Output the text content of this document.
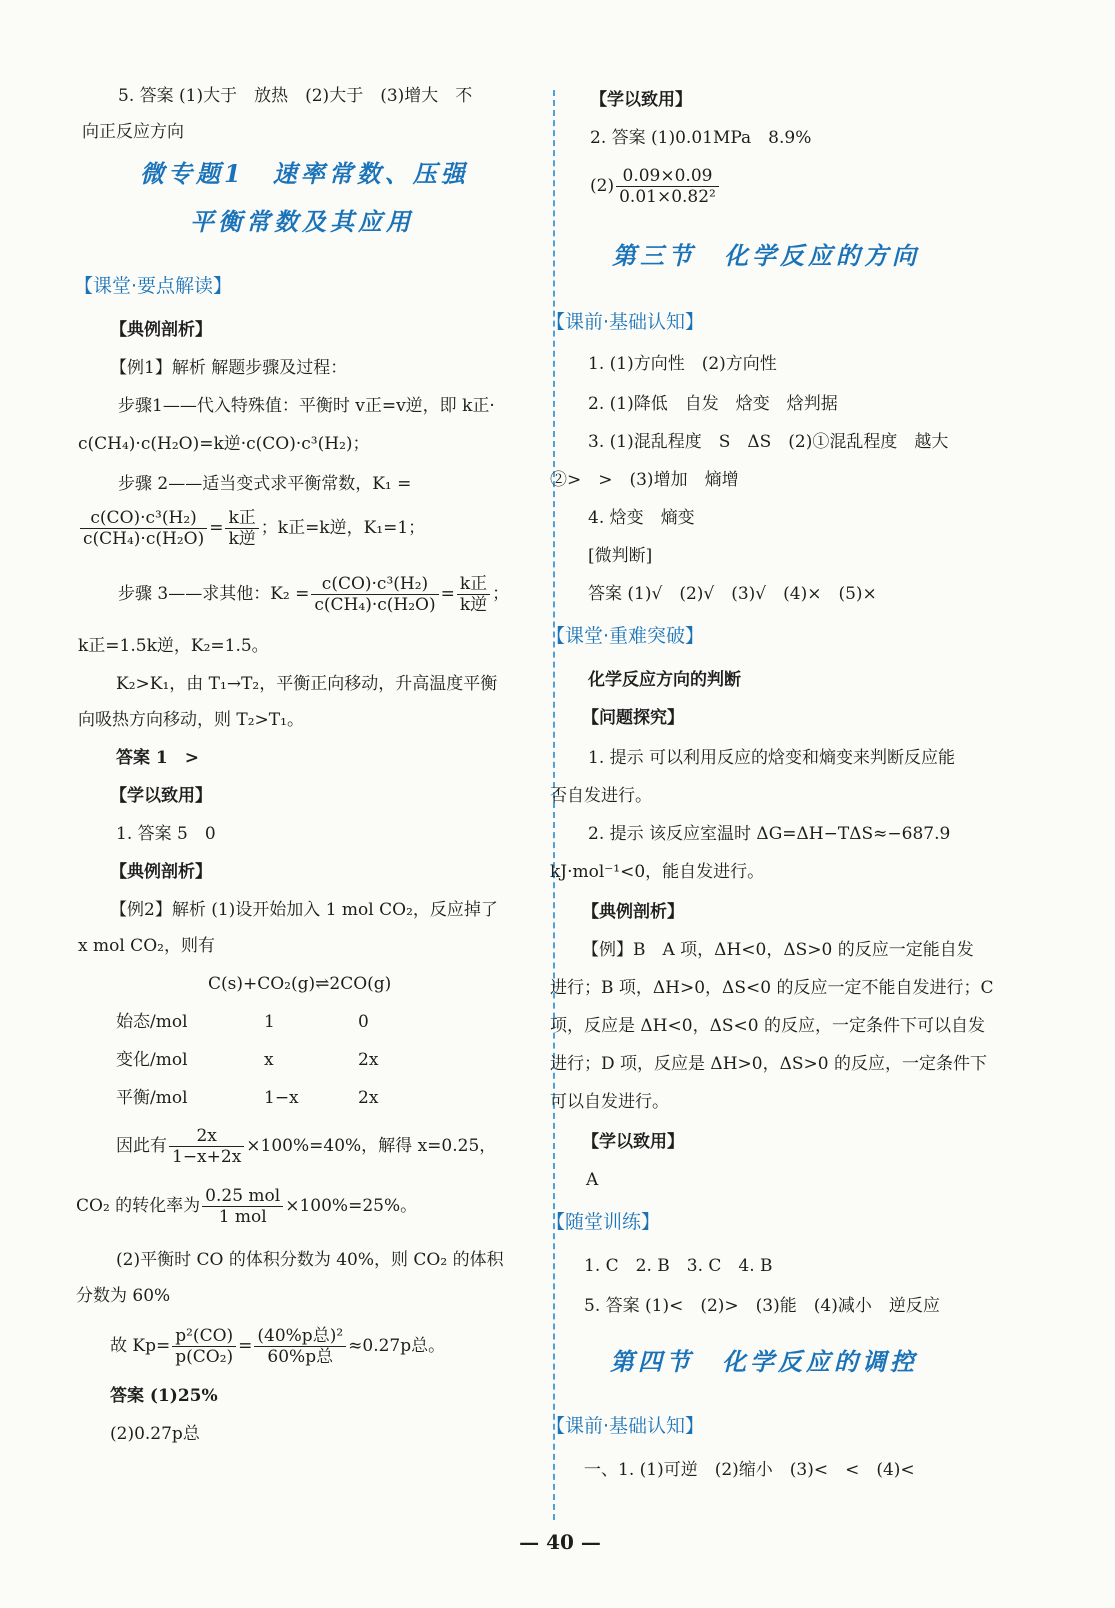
5. 答案 (1)大于　放热　(2)大于　(3)增大　不
向正反应方向
微专题1　速率常数、压强
平衡常数及其应用
【课堂·要点解读】
【典例剖析】
【例1】解析 解题步骤及过程：
步骤1——代入特殊值：平衡时 v正=v逆，即 k正·
c(CH₄)·c(H₂O)=k逆·c(CO)·c³(H₂)；
步骤 2——适当变式求平衡常数，K₁ =
$\frac{\text{c(CO)·c³(H₂)}}{\text{c(CH₄)·c(H₂O)}} = \frac{\text{k正}}{\text{k逆}}$ ；k正=k逆，K₁=1；
步骤 3——求其他：$K_2 = \frac{\text{c(CO)·c³(H₂)}}{\text{c(CH₄)·c(H₂O)}} = \frac{\text{k正}}{\text{k逆}}$ ；
k正=1.5k逆，K₂=1.5。
K₂>K₁，由 T₁→T₂，平衡正向移动，升高温度平衡
向吸热方向移动，则 T₂>T₁。
答案 1　>
【学以致用】
1. 答案 5　0
【典例剖析】
【例2】解析 (1)设开始加入 1 mol CO₂，反应掉了
x mol CO₂，则有
C(s)+CO₂(g)⇌2CO(g)
始态/mol	1	0
变化/mol	x	2x
平衡/mol	1−x	2x
因此有 $\frac{2x}{1-x+2x} \times 100\%=40\%$，解得 x=0.25，
CO₂ 的转化率为 $\frac{\text{0.25 mol}}{\text{1 mol}} \times 100\%=25\%$。
(2)平衡时 CO 的体积分数为 40%，则 CO₂ 的体积
分数为 60%
故 $Kp= \frac{\text{p²(CO)}}{\text{p(CO₂)}} = \frac{\text{(40\%p总)²}}{\text{60\%p总}} \approx 0.27p$总。
答案 (1)25%
(2)0.27p总
【学以致用】
2. 答案 (1)0.01MPa　8.9%
$(2) \frac{0.09\times 0.09}{\text{0.01×0.82²}}$
第三节　化学反应的方向
【课前·基础认知】
1. (1)方向性　(2)方向性
2. (1)降低　自发　焓变　焓判据
3. (1)混乱程度　S　ΔS　(2)①混乱程度　越大
②>　>　(3)增加　熵增
4. 焓变　熵变
[微判断]
答案 (1)√　(2)√　(3)√　(4)×　(5)×
【课堂·重难突破】
化学反应方向的判断
【问题探究】
1. 提示 可以利用反应的焓变和熵变来判断反应能
否自发进行。
2. 提示 该反应室温时 ΔG=ΔH−TΔS≈−687.9
kJ·mol⁻¹<0，能自发进行。
【典例剖析】
【例】B　A 项，ΔH<0，ΔS>0 的反应一定能自发
进行；B 项，ΔH>0，ΔS<0 的反应一定不能自发进行；C
项，反应是 ΔH<0，ΔS<0 的反应，一定条件下可以自发
进行；D 项，反应是 ΔH>0，ΔS>0 的反应，一定条件下
可以自发进行。
【学以致用】
A
【随堂训练】
1. C　2. B　3. C　4. B
5. 答案 (1)<　(2)>　(3)能　(4)减小　逆反应
第四节　化学反应的调控
【课前·基础认知】
一、1. (1)可逆　(2)缩小　(3)<　<　(4)<
— 40 —
